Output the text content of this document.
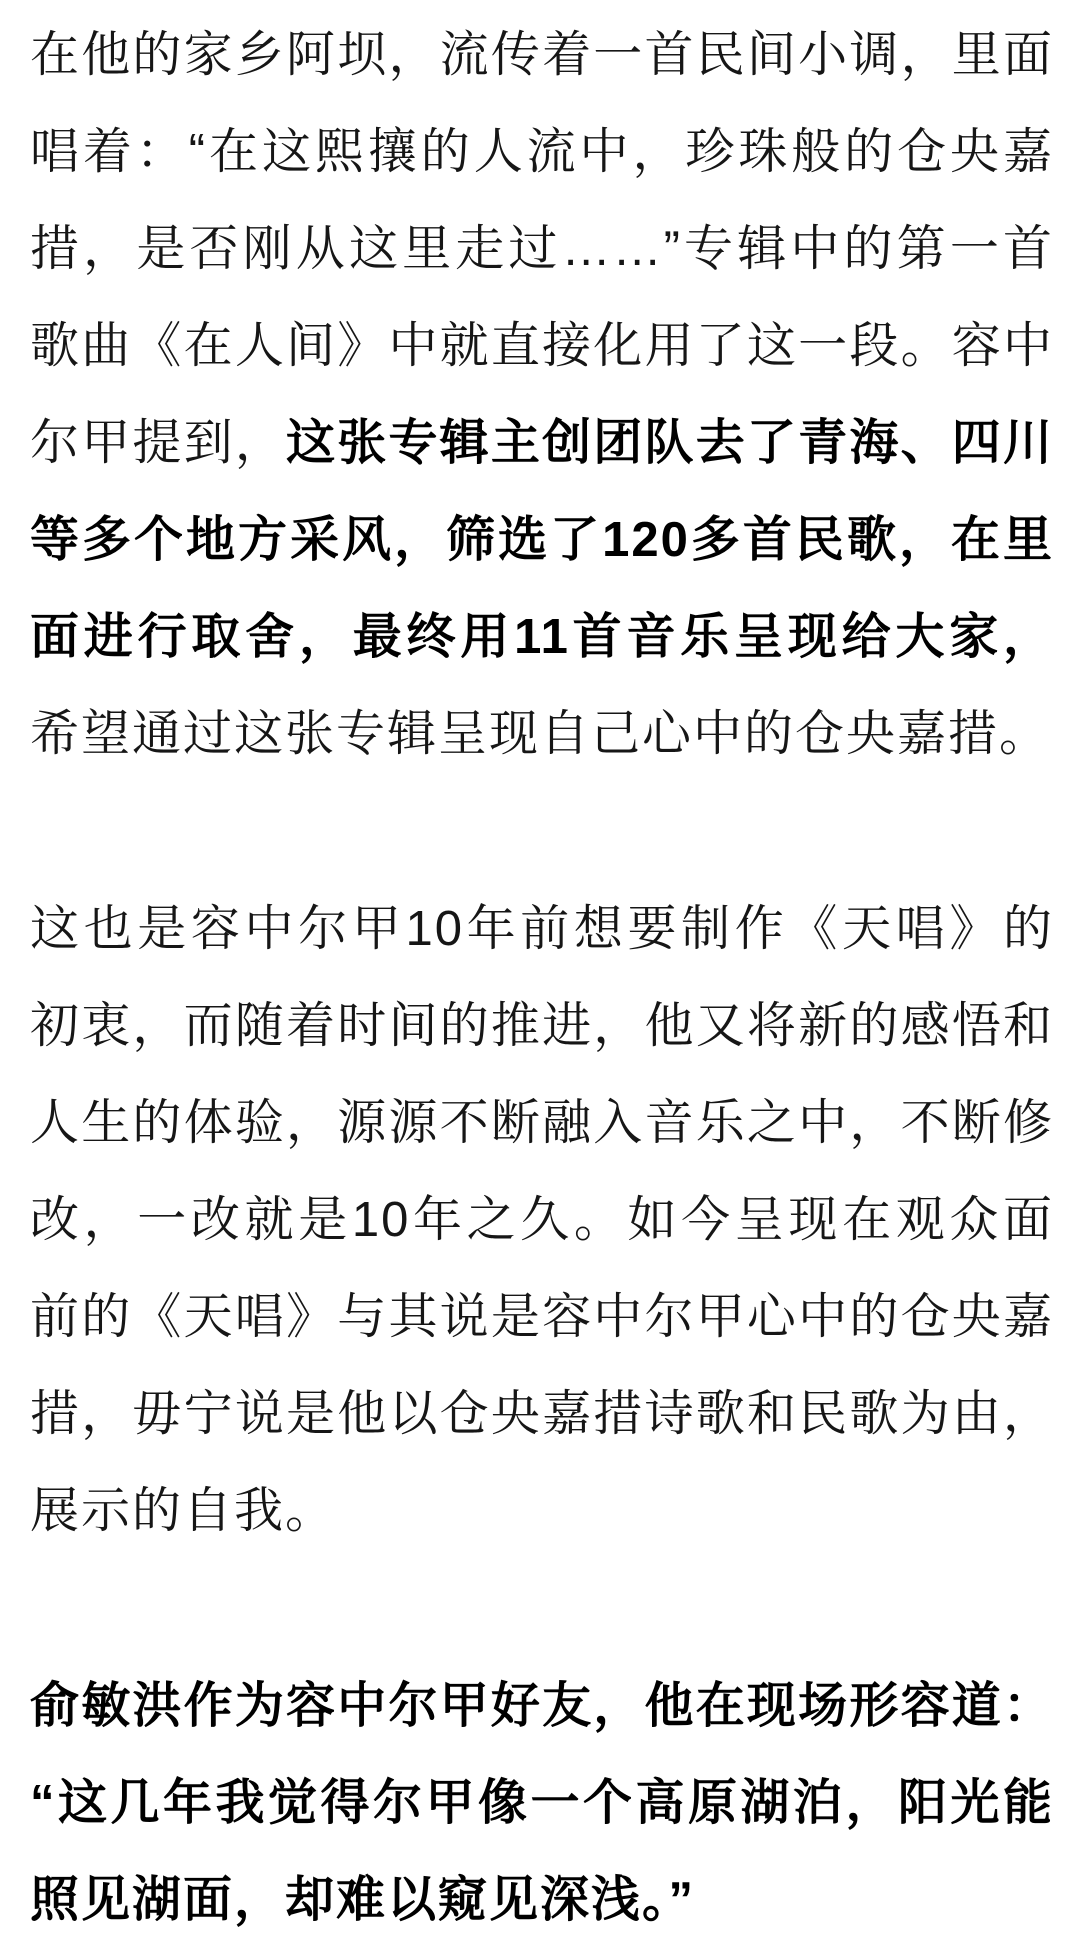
在他的家乡阿坝，流传着一首民间小调，里面唱着：“在这熙攘的人流中，珍珠般的仓央嘉措，是否刚从这里走过……”专辑中的第一首歌曲《在人间》中就直接化用了这一段。容中尔甲提到，这张专辑主创团队去了青海、四川等多个地方采风，筛选了120多首民歌，在里面进行取舍，最终用11首音乐呈现给大家，希望通过这张专辑呈现自己心中的仓央嘉措。

这也是容中尔甲10年前想要制作《天唱》的初衷，而随着时间的推进，他又将新的感悟和人生的体验，源源不断融入音乐之中，不断修改，一改就是10年之久。如今呈现在观众面前的《天唱》与其说是容中尔甲心中的仓央嘉措，毋宁说是他以仓央嘉措诗歌和民歌为由，展示的自我。

俞敏洪作为容中尔甲好友，他在现场形容道：“这几年我觉得尔甲像一个高原湖泊，阳光能照见湖面，却难以窥见深浅。”
